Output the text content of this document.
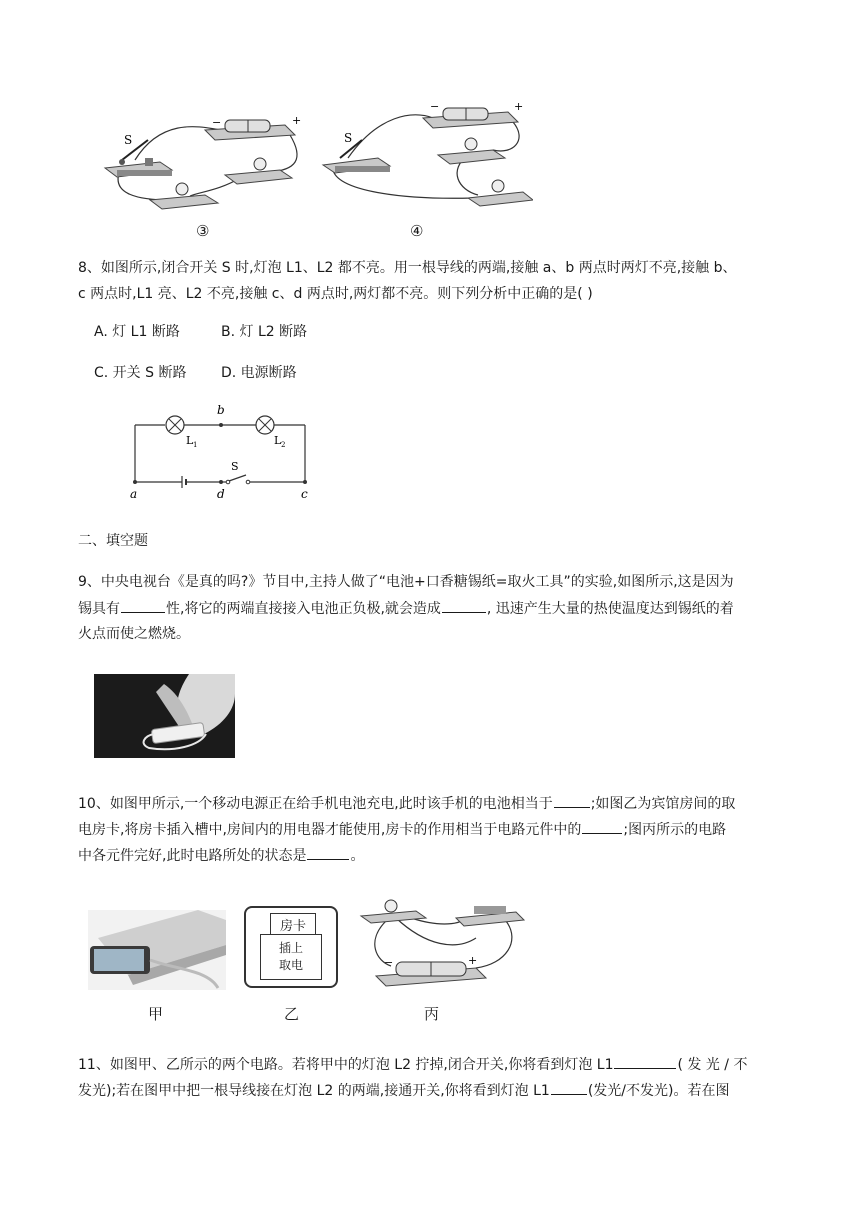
S
−	+
③
S
−	+
④
8、如图所示,闭合开关 S 时,灯泡 L1、L2 都不亮。用一根导线的两端,接触 a、b 两点时两灯不亮,接触 b、
c 两点时,L1 亮、L2 不亮,接触 c、d 两点时,两灯都不亮。则下列分析中正确的是( )
A. 灯 L1 断路	B. 灯 L2 断路
C. 开关 S 断路 D. 电源断路
b
L 1	L 2
S
a	d	c
二、填空题
9、中央电视台《是真的吗?》节目中,主持人做了“电池+口香糖锡纸=取火工具”的实验,如图所示,这是因为
锡具有	性,将它的两端直接接入电池正负极,就会造成	, 迅速产生大量的热使温度达到锡纸的着
火点而使之燃烧。
10、如图甲所示,一个移动电源正在给手机电池充电,此时该手机的电池相当于	;如图乙为宾馆房间的取
电房卡,将房卡插入槽中,房间内的用电器才能使用,房卡的作用相当于电路元件中的	;图丙所示的电路
中各元件完好,此时电路所处的状态是	。
甲
房卡
插上
取电
乙
−	+
丙
11、如图甲、乙所示的两个电路。若将甲中的灯泡 L2 拧掉,闭合开关,你将看到灯泡 L1	( 发 光 / 不
发光);若在图甲中把一根导线接在灯泡 L2 的两端,接通开关,你将看到灯泡 L1	(发光/不发光)。若在图
